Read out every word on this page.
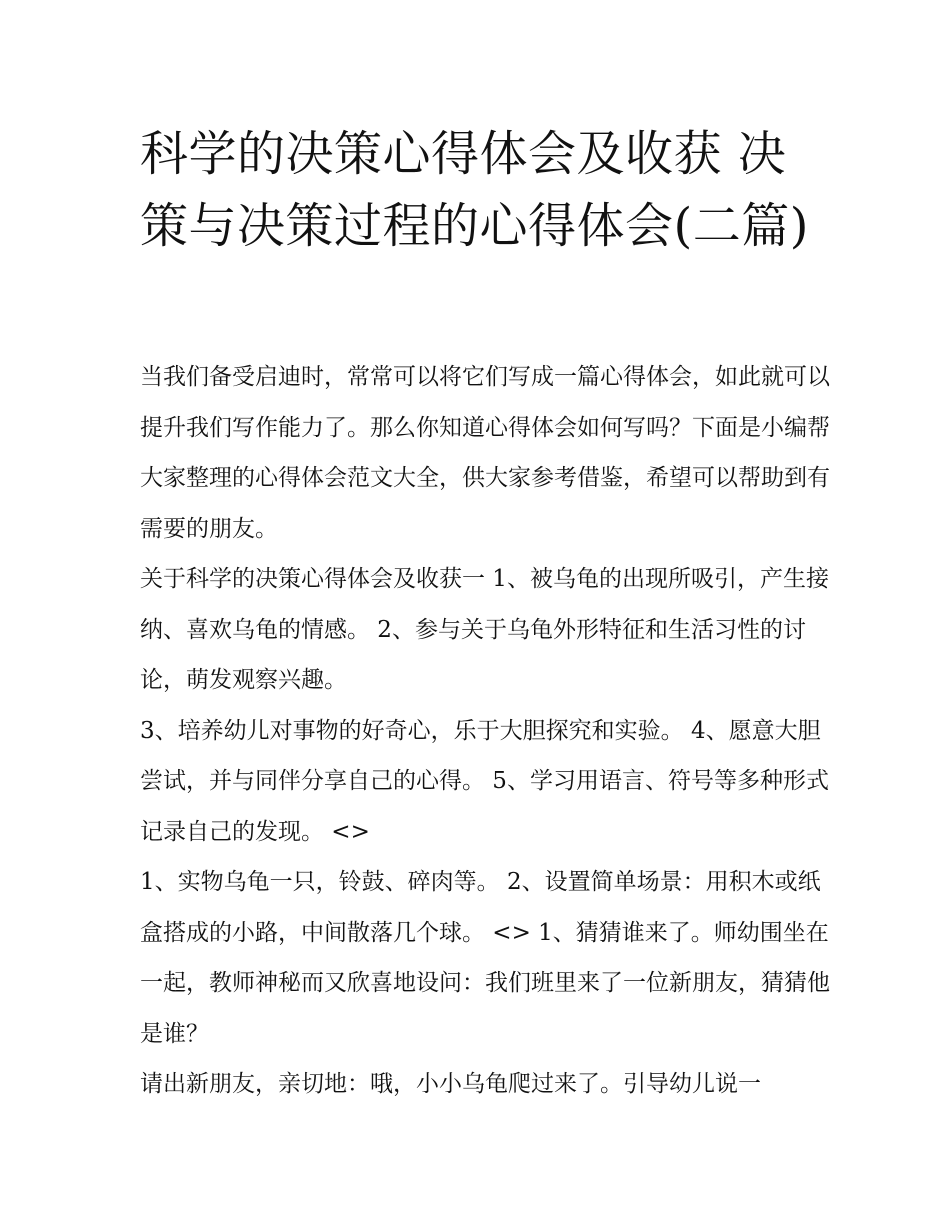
科学的决策心得体会及收获 决策与决策过程的心得体会(二篇)

当我们备受启迪时，常常可以将它们写成一篇心得体会，如此就可以提升我们写作能力了。那么你知道心得体会如何写吗？下面是小编帮大家整理的心得体会范文大全，供大家参考借鉴，希望可以帮助到有需要的朋友。

关于科学的决策心得体会及收获一 1、被乌龟的出现所吸引，产生接纳、喜欢乌龟的情感。 2、参与关于乌龟外形特征和生活习性的讨论，萌发观察兴趣。

3、培养幼儿对事物的好奇心，乐于大胆探究和实验。 4、愿意大胆尝试，并与同伴分享自己的心得。 5、学习用语言、符号等多种形式记录自己的发现。 <>

1、实物乌龟一只，铃鼓、碎肉等。 2、设置简单场景：用积木或纸盒搭成的小路，中间散落几个球。 <> 1、猜猜谁来了。师幼围坐在一起，教师神秘而又欣喜地设问：我们班里来了一位新朋友，猜猜他是谁？

请出新朋友，亲切地：哦，小小乌龟爬过来了。引导幼儿说一
